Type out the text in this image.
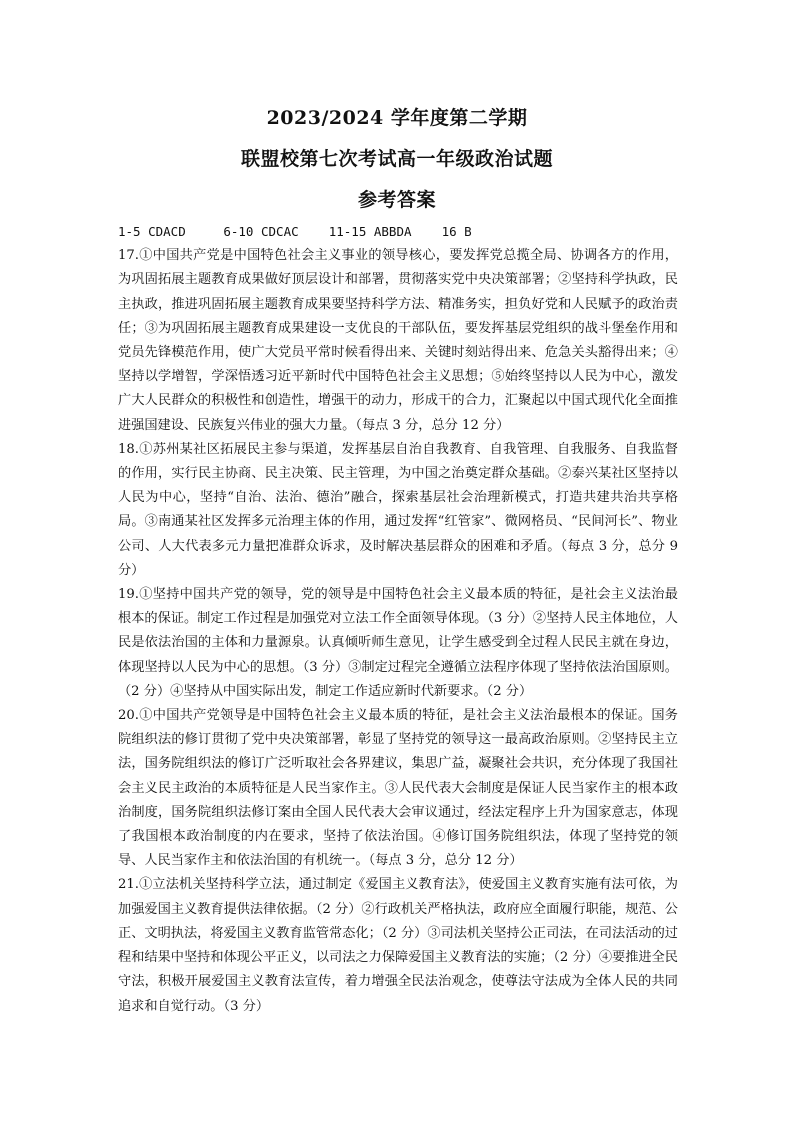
2023/2024 学年度第二学期
联盟校第七次考试高一年级政治试题
参考答案

1-5 CDACD     6-10 CDCAC    11-15 ABBDA    16 B

17.①中国共产党是中国特色社会主义事业的领导核心，要发挥党总揽全局、协调各方的作用，为巩固拓展主题教育成果做好顶层设计和部署，贯彻落实党中央决策部署；②坚持科学执政，民主执政，推进巩固拓展主题教育成果要坚持科学方法、精准务实，担负好党和人民赋予的政治责任；③为巩固拓展主题教育成果建设一支优良的干部队伍，要发挥基层党组织的战斗堡垒作用和党员先锋模范作用，使广大党员平常时候看得出来、关键时刻站得出来、危急关头豁得出来；④坚持以学增智，学深悟透习近平新时代中国特色社会主义思想；⑤始终坚持以人民为中心，激发广大人民群众的积极性和创造性，增强干的动力，形成干的合力，汇聚起以中国式现代化全面推进强国建设、民族复兴伟业的强大力量。（每点 3 分，总分 12 分）

18.①苏州某社区拓展民主参与渠道，发挥基层自治自我教育、自我管理、自我服务、自我监督的作用，实行民主协商、民主决策、民主管理，为中国之治奠定群众基础。②泰兴某社区坚持以人民为中心，坚持“自治、法治、德治”融合，探索基层社会治理新模式，打造共建共治共享格局。③南通某社区发挥多元治理主体的作用，通过发挥“红管家”、微网格员、“民间河长”、物业公司、人大代表多元力量把准群众诉求，及时解决基层群众的困难和矛盾。（每点 3 分，总分 9 分）

19.①坚持中国共产党的领导，党的领导是中国特色社会主义最本质的特征，是社会主义法治最根本的保证。制定工作过程是加强党对立法工作全面领导体现。（3 分）②坚持人民主体地位，人民是依法治国的主体和力量源泉。认真倾听师生意见，让学生感受到全过程人民民主就在身边，体现坚持以人民为中心的思想。（3 分）③制定过程完全遵循立法程序体现了坚持依法治国原则。（2 分）④坚持从中国实际出发，制定工作适应新时代新要求。（2 分）

20.①中国共产党领导是中国特色社会主义最本质的特征，是社会主义法治最根本的保证。国务院组织法的修订贯彻了党中央决策部署，彰显了坚持党的领导这一最高政治原则。②坚持民主立法，国务院组织法的修订广泛听取社会各界建议，集思广益，凝聚社会共识，充分体现了我国社会主义民主政治的本质特征是人民当家作主。③人民代表大会制度是保证人民当家作主的根本政治制度，国务院组织法修订案由全国人民代表大会审议通过，经法定程序上升为国家意志，体现了我国根本政治制度的内在要求，坚持了依法治国。④修订国务院组织法，体现了坚持党的领导、人民当家作主和依法治国的有机统一。（每点 3 分，总分 12 分）

21.①立法机关坚持科学立法，通过制定《爱国主义教育法》，使爱国主义教育实施有法可依，为加强爱国主义教育提供法律依据。（2 分）②行政机关严格执法，政府应全面履行职能，规范、公正、文明执法，将爱国主义教育监管常态化；（2 分）③司法机关坚持公正司法，在司法活动的过程和结果中坚持和体现公平正义，以司法之力保障爱国主义教育法的实施；（2 分）④要推进全民守法，积极开展爱国主义教育法宣传，着力增强全民法治观念，使尊法守法成为全体人民的共同追求和自觉行动。（3 分）
